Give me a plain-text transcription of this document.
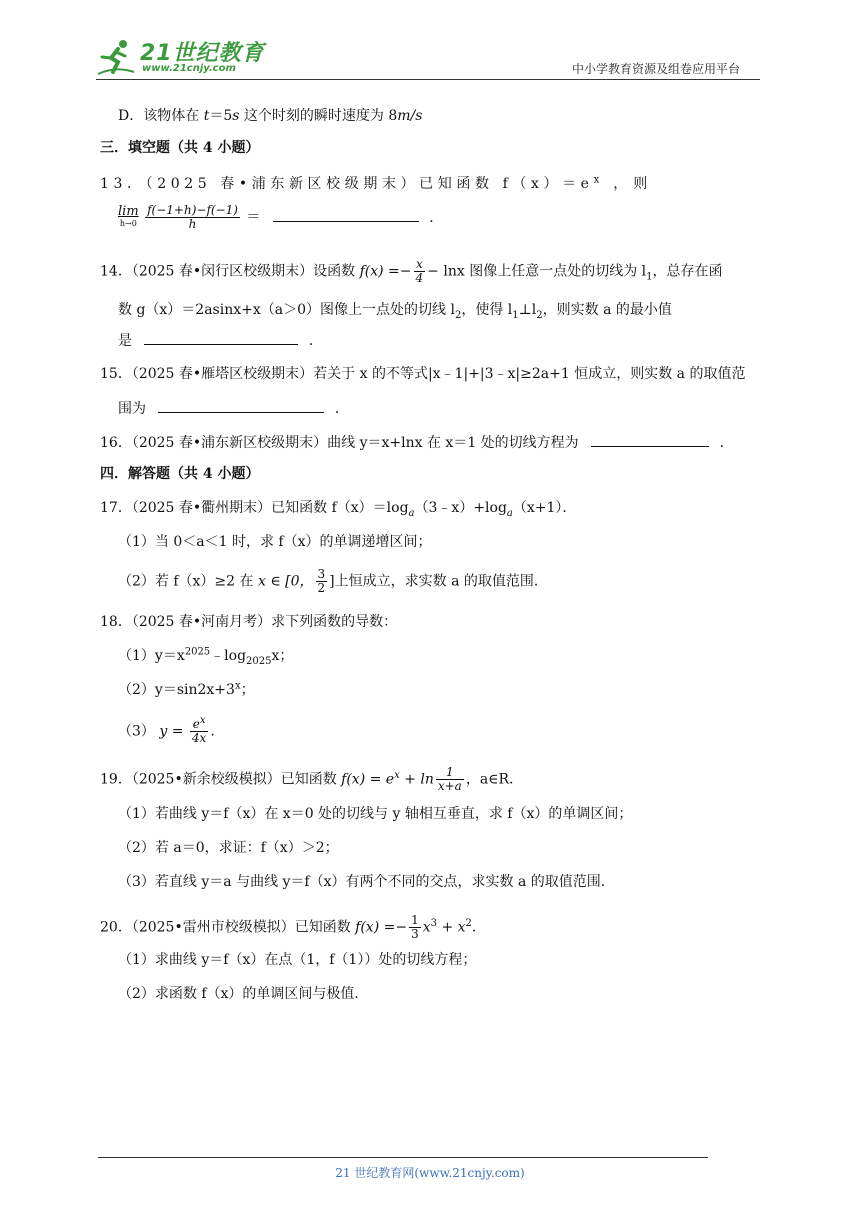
21世纪教育
www.21cnjy.com	中小学教育资源及组卷应用平台
D．该物体在 t＝5s 这个时刻的瞬时速度为 8m/s
三．填空题（共 4 小题）
13．（2025 春•浦东新区校级期末）已知函数 $f(x)=e^x$ ，则
lim
h→0
$\frac{f(-1+h)-f(-1)}{h}$ ＝	．
14．（2025 春•闵行区校级期末）设函数 $f(x) =- \frac{x}{4} - \ln x$ 图像上任意一点处的切线为 $l_1$，总存在函
数 g（x）＝2asinx+x（a＞0）图像上一点处的切线 $l_2$，使得 $l_1\perp l_2$，则实数 a 的最小值
是	．
15．（2025 春•雁塔区校级期末）若关于 x 的不等式|x﹣1|+|3﹣x|≥2a+1 恒成立，则实数 a 的取值范
围为	．
16．（2025 春•浦东新区校级期末）曲线 y＝x+lnx 在 x＝1 处的切线方程为	．
四．解答题（共 4 小题）
17．（2025 春•衢州期末）已知函数 $f(x)=\log_a(3﹣x)+\log_a(x+1)$．
（1）当 0＜a＜1 时，求 f（x）的单调递增区间；
（2）若 f（x）≥2 在 x ∈ [0， $\frac{3}{2}$ ]上恒成立，求实数 a 的取值范围．
18．（2025 春•河南月考）求下列函数的导数：
$(1)y=x^{2025}﹣\log_{2025}x$；
$(2)y=\sin 2x+3^x$；
（3） $y = \frac{e^x}{4x}$ .
19．（2025•新余校级模拟）已知函数 $f(x) = e^x + \ln \frac{1}{x+a}$ ，a∈R．
（1）若曲线 y＝f（x）在 x＝0 处的切线与 y 轴相互垂直，求 f（x）的单调区间；
（2）若 a＝0，求证：f（x）＞2；
（3）若直线 y＝a 与曲线 y＝f（x）有两个不同的交点，求实数 a 的取值范围．
20．（2025•雷州市校级模拟）已知函数 $f(x) =- \frac{1}{3} x^3 + x^2$.
（1）求曲线 y＝f（x）在点（1，f（1））处的切线方程；
（2）求函数 f（x）的单调区间与极值．
21 世纪教育网(www.21cnjy.com)
